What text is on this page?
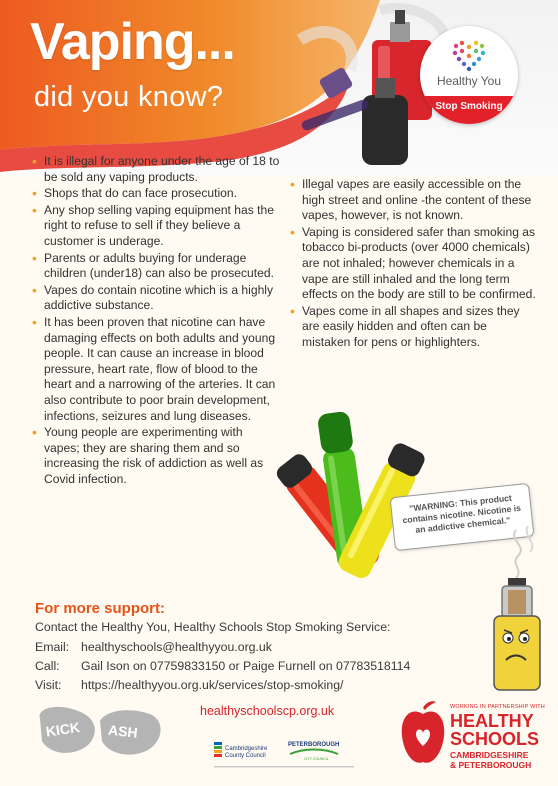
Vaping...
did you know?	Healthy You
Stop Smoking
• It is illegal for anyone under the age of 18 to be sold any vaping products.
• Shops that do can face prosecution.
• Any shop selling vaping equipment has the right to refuse to sell if they believe a customer is underage.
• Parents or adults buying for underage children (under18) can also be prosecuted.
• Vapes do contain nicotine which is a highly addictive substance.
• It has been proven that nicotine can have damaging effects on both adults and young people. It can cause an increase in blood pressure, heart rate, flow of blood to the heart and a narrowing of the arteries. It can also contribute to poor brain development, infections, seizures and lung diseases.
• Young people are experimenting with vapes; they are sharing them and so increasing the risk of addiction as well as Covid infection.
• Illegal vapes are easily accessible on the high street and online -the content of these vapes, however, is not known.
• Vaping is considered safer than smoking as tobacco bi-products (over 4000 chemicals) are not inhaled; however chemicals in a vape are still inhaled and the long term effects on the body are still to be confirmed.
• Vapes come in all shapes and sizes they are easily hidden and often can be mistaken for pens or highlighters.
"WARNING: This product contains nicotine. Nicotine is an addictive chemical."
For more support:
Contact the Healthy You, Healthy Schools Stop Smoking Service:
Email: healthyschools@healthyyou.org.uk
Call: Gail Ison on 07759833150 or Paige Furnell on 07783518114
Visit: https://healthyyou.org.uk/services/stop-smoking/
healthyschoolscp.org.uk
KICK ASH
Cambridgeshire
County Council
PETERBOROUGH
CITY COUNCIL
WORKING IN PARTNERSHIP WITH
HEALTHY
SCHOOLS
CAMBRIDGESHIRE
& PETERBOROUGH
